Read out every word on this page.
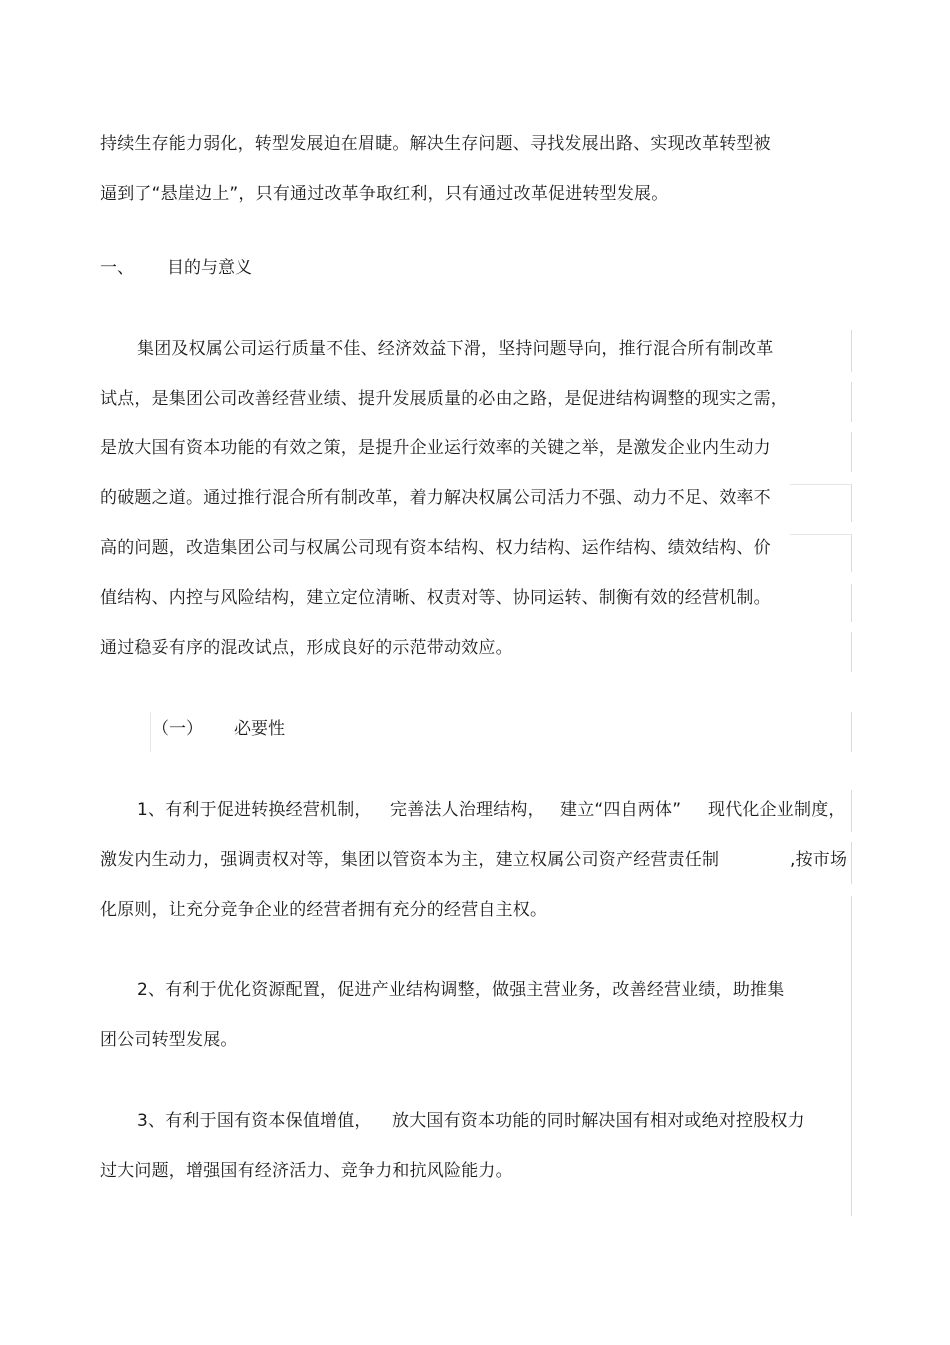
持续生存能力弱化，转型发展迫在眉睫。解决生存问题、寻找发展出路、实现改革转型被
逼到了“悬崖边上”，只有通过改革争取红利，只有通过改革促进转型发展。
一、 目的与意义
集团及权属公司运行质量不佳、经济效益下滑，坚持问题导向，推行混合所有制改革
试点，是集团公司改善经营业绩、提升发展质量的必由之路，是促进结构调整的现实之需，
是放大国有资本功能的有效之策，是提升企业运行效率的关键之举，是激发企业内生动力
的破题之道。通过推行混合所有制改革，着力解决权属公司活力不强、动力不足、效率不
高的问题，改造集团公司与权属公司现有资本结构、权力结构、运作结构、绩效结构、价
值结构、内控与风险结构，建立定位清晰、权责对等、协同运转、制衡有效的经营机制。
通过稳妥有序的混改试点，形成良好的示范带动效应。
（一） 必要性
1、有利于促进转换经营机制， 完善法人治理结构， 建立“四自两体” 现代化企业制度，
激发内生动力，强调责权对等，集团以管资本为主，建立权属公司资产经营责任制	,按市场
化原则，让充分竞争企业的经营者拥有充分的经营自主权。
2、有利于优化资源配置，促进产业结构调整，做强主营业务，改善经营业绩，助推集
团公司转型发展。
3、有利于国有资本保值增值， 放大国有资本功能的同时解决国有相对或绝对控股权力
过大问题，增强国有经济活力、竞争力和抗风险能力。
